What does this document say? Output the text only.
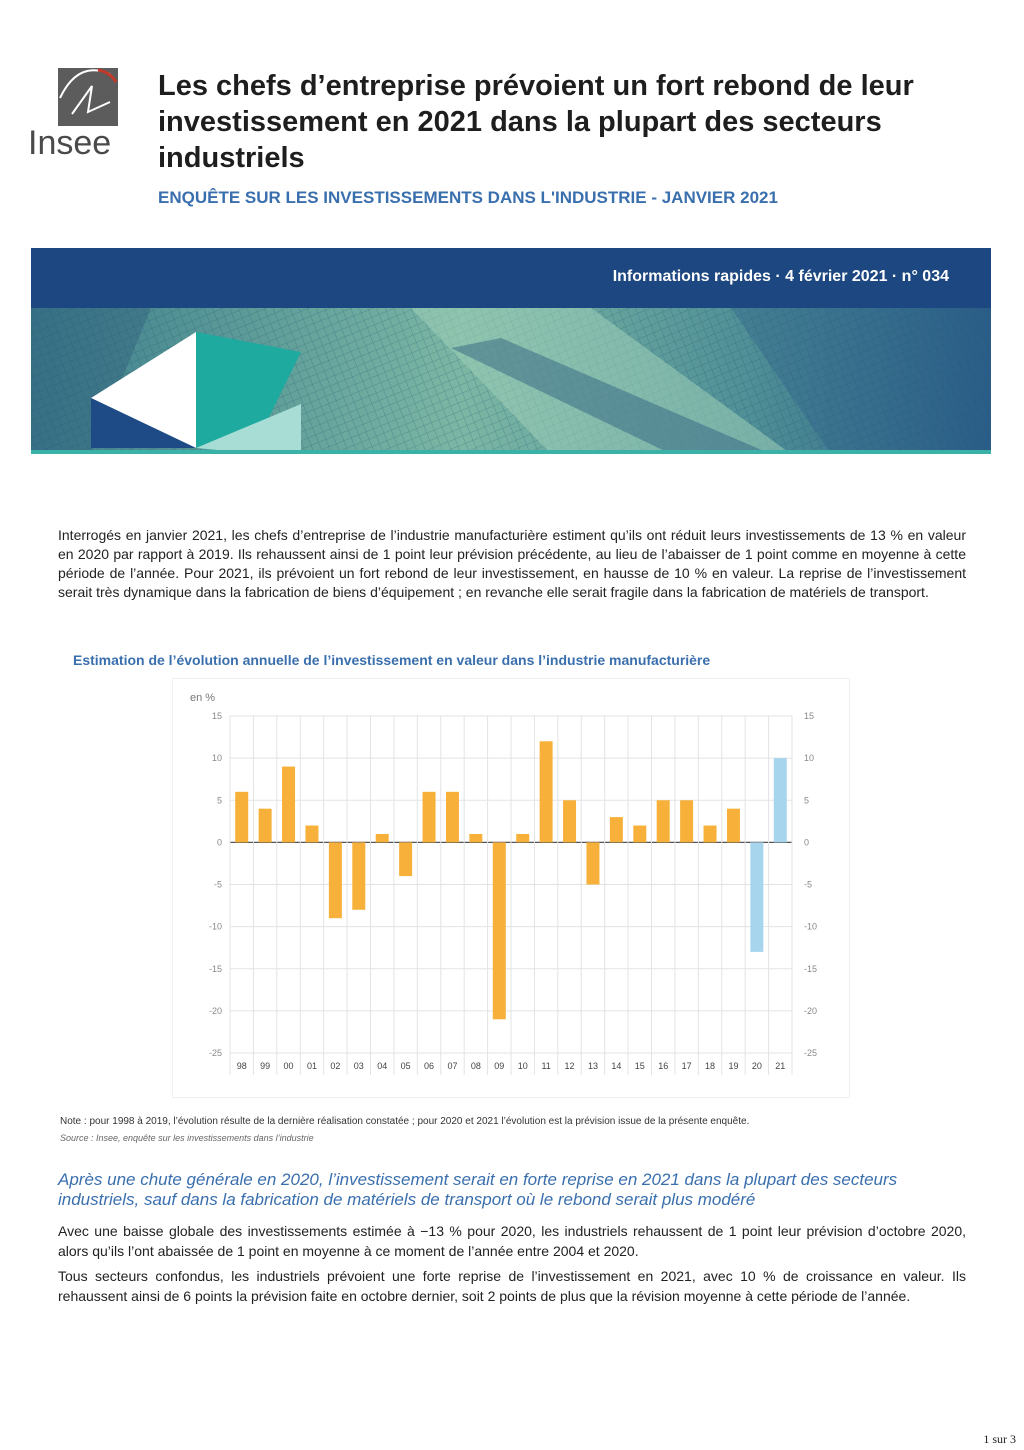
Insee
Les chefs d’entreprise prévoient un fort rebond de leur investissement en 2021 dans la plupart des secteurs industriels
ENQUÊTE SUR LES INVESTISSEMENTS DANS L'INDUSTRIE - JANVIER 2021
Informations rapides · 4 février 2021 · n° 034
Interrogés en janvier 2021, les chefs d’entreprise de l’industrie manufacturière estiment qu’ils ont réduit leurs investissements de 13 % en valeur en 2020 par rapport à 2019. Ils rehaussent ainsi de 1 point leur prévision précédente, au lieu de l’abaisser de 1 point comme en moyenne à cette période de l’année. Pour 2021, ils prévoient un fort rebond de leur investissement, en hausse de 10 % en valeur. La reprise de l’investissement serait très dynamique dans la fabrication de biens d’équipement ; en revanche elle serait fragile dans la fabrication de matériels de transport.
Estimation de l’évolution annuelle de l’investissement en valeur dans l’industrie manufacturière
en %
15	15
10	10
5	5
0	0
-5	-5
-10	-10
-15	-15
-20	-20
-25	-25
98 99 00 01 02 03 04 05 06 07 08 09 10 11 12 13 14 15 16 17 18 19 20 21
Note : pour 1998 à 2019, l’évolution résulte de la dernière réalisation constatée ; pour 2020 et 2021 l’évolution est la prévision issue de la présente enquête.
Source : Insee, enquête sur les investissements dans l’industrie
Après une chute générale en 2020, l’investissement serait en forte reprise en 2021 dans la plupart des secteurs industriels, sauf dans la fabrication de matériels de transport où le rebond serait plus modéré
Avec une baisse globale des investissements estimée à −13 % pour 2020, les industriels rehaussent de 1 point leur prévision d’octobre 2020, alors qu’ils l’ont abaissée de 1 point en moyenne à ce moment de l’année entre 2004 et 2020.
Tous secteurs confondus, les industriels prévoient une forte reprise de l’investissement en 2021, avec 10 % de croissance en valeur. Ils rehaussent ainsi de 6 points la prévision faite en octobre dernier, soit 2 points de plus que la révision moyenne à cette période de l’année.
1 sur 3
